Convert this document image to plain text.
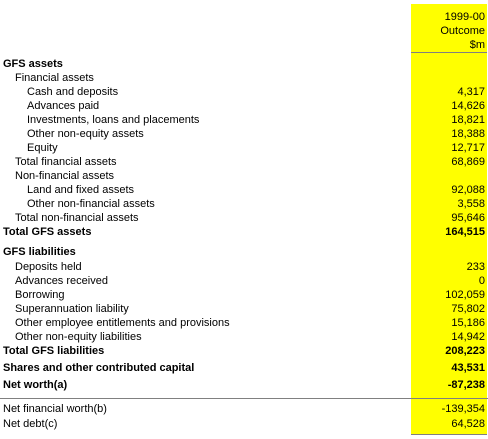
1999-00
Outcome
$m
GFS assets
Financial assets
Cash and deposits	4,317
Advances paid	14,626
Investments, loans and placements	18,821
Other non-equity assets	18,388
Equity	12,717
Total financial assets	68,869
Non-financial assets
Land and fixed assets	92,088
Other non-financial assets	3,558
Total non-financial assets	95,646
Total GFS assets	164,515
GFS liabilities
Deposits held	233
Advances received	0
Borrowing	102,059
Superannuation liability	75,802
Other employee entitlements and provisions	15,186
Other non-equity liabilities	14,942
Total GFS liabilities	208,223
Shares and other contributed capital	43,531
Net worth(a)	-87,238
Net financial worth(b)	-139,354
Net debt(c)	64,528
